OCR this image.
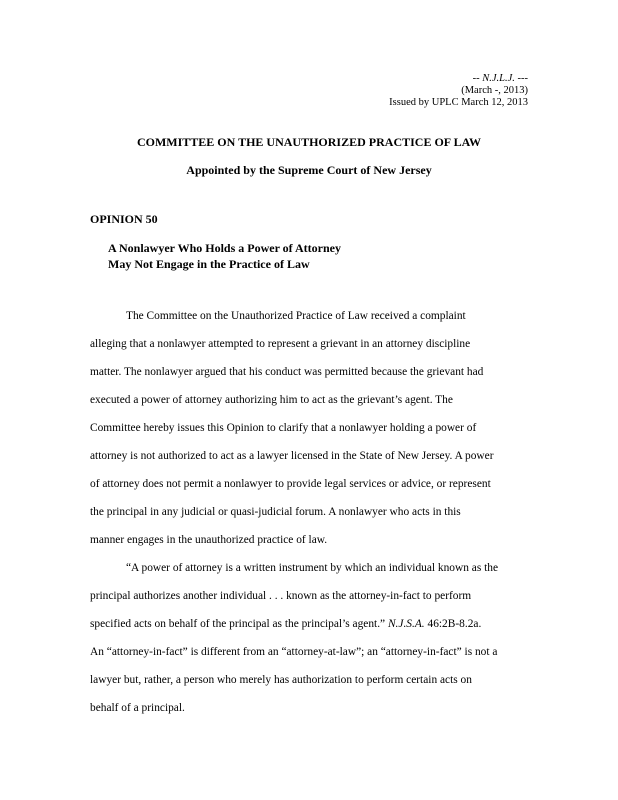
-- N.J.L.J. ---
(March -, 2013)
Issued by UPLC March 12, 2013
COMMITTEE ON THE UNAUTHORIZED PRACTICE OF LAW
Appointed by the Supreme Court of New Jersey
OPINION 50
A Nonlawyer Who Holds a Power of Attorney
May Not Engage in the Practice of Law
The Committee on the Unauthorized Practice of Law received a complaint
alleging that a nonlawyer attempted to represent a grievant in an attorney discipline
matter. The nonlawyer argued that his conduct was permitted because the grievant had
executed a power of attorney authorizing him to act as the grievant’s agent. The
Committee hereby issues this Opinion to clarify that a nonlawyer holding a power of
attorney is not authorized to act as a lawyer licensed in the State of New Jersey. A power
of attorney does not permit a nonlawyer to provide legal services or advice, or represent
the principal in any judicial or quasi-judicial forum. A nonlawyer who acts in this
manner engages in the unauthorized practice of law.
“A power of attorney is a written instrument by which an individual known as the
principal authorizes another individual . . . known as the attorney-in-fact to perform
specified acts on behalf of the principal as the principal’s agent.” N.J.S.A. 46:2B-8.2a.
An “attorney-in-fact” is different from an “attorney-at-law”; an “attorney-in-fact” is not a
lawyer but, rather, a person who merely has authorization to perform certain acts on
behalf of a principal.
